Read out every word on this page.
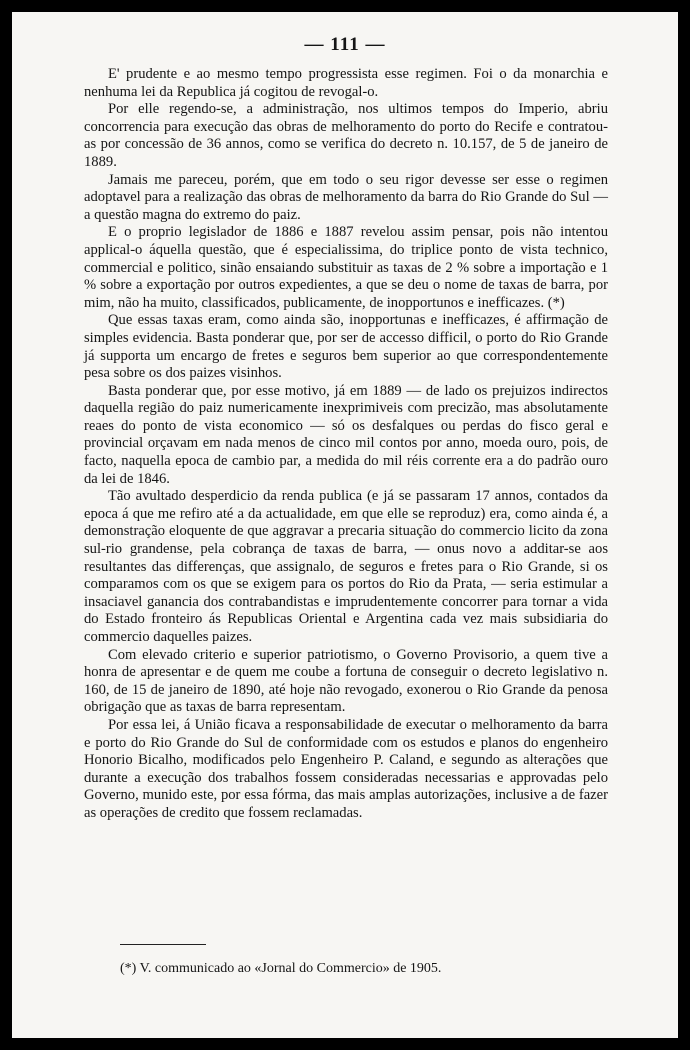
— 111 —

E' prudente e ao mesmo tempo progressista esse regimen. Foi o da monarchia e nenhuma lei da Republica já cogitou de revogal-o.

Por elle regendo-se, a administração, nos ultimos tempos do Imperio, abriu concorrencia para execução das obras de melhoramento do porto do Recife e contratou-as por concessão de 36 annos, como se verifica do decreto n. 10.157, de 5 de janeiro de 1889.

Jamais me pareceu, porém, que em todo o seu rigor devesse ser esse o regimen adoptavel para a realização das obras de melhoramento da barra do Rio Grande do Sul — a questão magna do extremo do paiz.

E o proprio legislador de 1886 e 1887 revelou assim pensar, pois não intentou applical-o áquella questão, que é especialissima, do triplice ponto de vista technico, commercial e politico, sinão ensaiando substituir as taxas de 2 % sobre a importação e 1 % sobre a exportação por outros expedientes, a que se deu o nome de taxas de barra, por mim, não ha muito, classificados, publicamente, de inopportunos e inefficazes. (*)

Que essas taxas eram, como ainda são, inopportunas e inefficazes, é affirmação de simples evidencia. Basta ponderar que, por ser de accesso difficil, o porto do Rio Grande já supporta um encargo de fretes e seguros bem superior ao que correspondentemente pesa sobre os dos paizes visinhos.

Basta ponderar que, por esse motivo, já em 1889 — de lado os prejuizos indirectos daquella região do paiz numericamente inexprimiveis com precizão, mas absolutamente reaes do ponto de vista economico — só os desfalques ou perdas do fisco geral e provincial orçavam em nada menos de cinco mil contos por anno, moeda ouro, pois, de facto, naquella epoca de cambio par, a medida do mil réis corrente era a do padrão ouro da lei de 1846.

Tão avultado desperdicio da renda publica (e já se passaram 17 annos, contados da epoca á que me refiro até a da actualidade, em que elle se reproduz) era, como ainda é, a demonstração eloquente de que aggravar a precaria situação do commercio licito da zona sul-rio grandense, pela cobrança de taxas de barra, — onus novo a additar-se aos resultantes das differenças, que assignalo, de seguros e fretes para o Rio Grande, si os comparamos com os que se exigem para os portos do Rio da Prata, — seria estimular a insaciavel ganancia dos contrabandistas e imprudentemente concorrer para tornar a vida do Estado fronteiro ás Republicas Oriental e Argentina cada vez mais subsidiaria do commercio daquelles paizes.

Com elevado criterio e superior patriotismo, o Governo Provisorio, a quem tive a honra de apresentar e de quem me coube a fortuna de conseguir o decreto legislativo n. 160, de 15 de janeiro de 1890, até hoje não revogado, exonerou o Rio Grande da penosa obrigação que as taxas de barra representam.

Por essa lei, á União ficava a responsabilidade de executar o melhoramento da barra e porto do Rio Grande do Sul de conformidade com os estudos e planos do engenheiro Honorio Bicalho, modificados pelo Engenheiro P. Caland, e segundo as alterações que durante a execução dos trabalhos fossem consideradas necessarias e approvadas pelo Governo, munido este, por essa fórma, das mais amplas autorizações, inclusive a de fazer as operações de credito que fossem reclamadas.

(*) V. communicado ao «Jornal do Commercio» de 1905.
